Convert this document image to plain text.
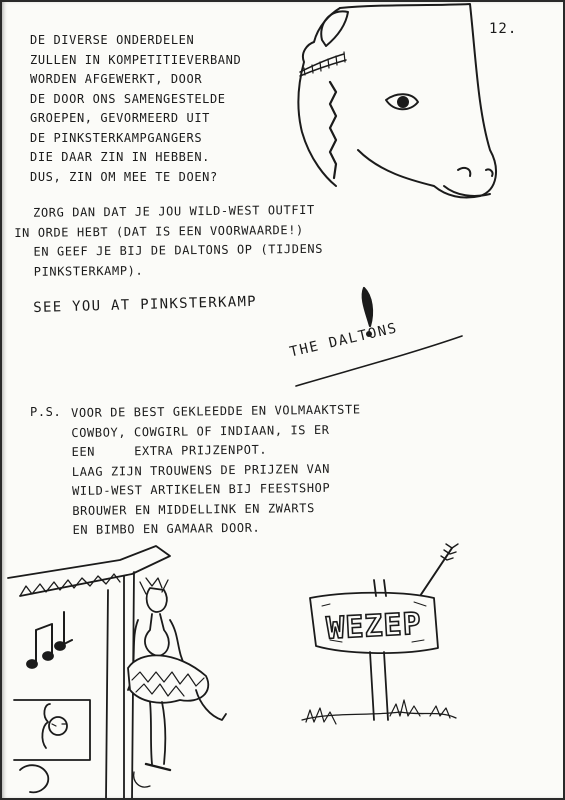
12.
DE DIVERSE ONDERDELEN
ZULLEN IN KOMPETITIEVERBAND
WORDEN AFGEWERKT, DOOR
DE DOOR ONS SAMENGESTELDE
GROEPEN, GEVORMEERD UIT
DE PINKSTERKAMPGANGERS
DIE DAAR ZIN IN HEBBEN.
DUS, ZIN OM MEE TE DOEN?
ZORG DAN DAT JE JOU WILD-WEST OUTFIT
IN ORDE HEBT (DAT IS EEN VOORWAARDE!)
EN GEEF JE BIJ DE DALTONS OP (TIJDENS
PINKSTERKAMP).
SEE YOU AT PINKSTERKAMP
THE DALTONS
P.S. VOOR DE BEST GEKLEEDDE EN VOLMAAKTSTE
COWBOY, COWGIRL OF INDIAAN, IS ER
EEN     EXTRA PRIJZENPOT.
LAAG ZIJN TROUWENS DE PRIJZEN VAN
WILD-WEST ARTIKELEN BIJ FEESTSHOP
BROUWER EN MIDDELLINK EN ZWARTS
EN BIMBO EN GAMAAR DOOR.
WEZEP
